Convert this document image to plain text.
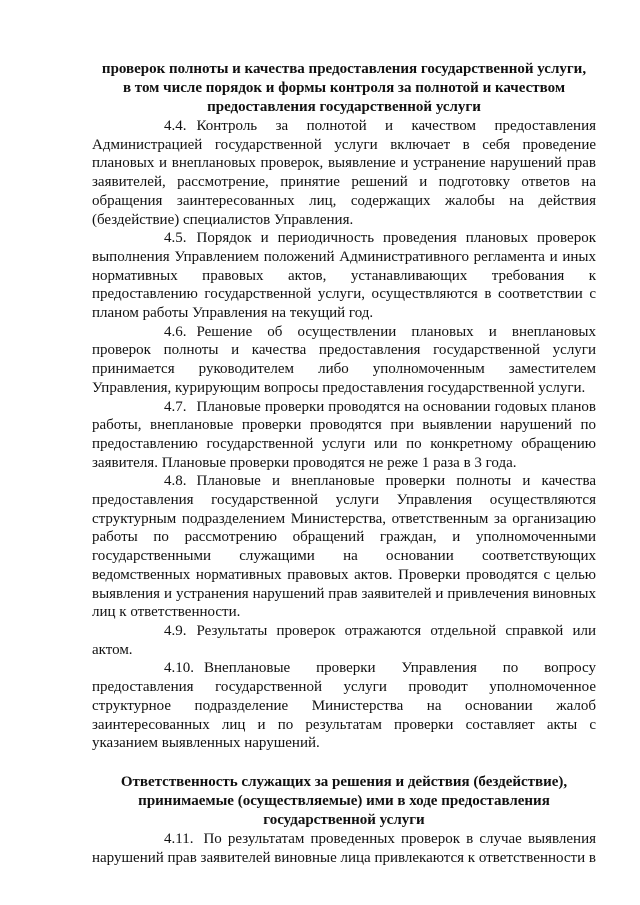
проверок полноты и качества предоставления государственной услуги,
в том числе порядок и формы контроля за полнотой и качеством
предоставления государственной услуги

4.4. Контроль за полнотой и качеством предоставления Администрацией государственной услуги включает в себя проведение плановых и внеплановых проверок, выявление и устранение нарушений прав заявителей, рассмотрение, принятие решений и подготовку ответов на обращения заинтересованных лиц, содержащих жалобы на действия (бездействие) специалистов Управления.

4.5. Порядок и периодичность проведения плановых проверок выполнения Управлением положений Административного регламента и иных нормативных правовых актов, устанавливающих требования к предоставлению государственной услуги, осуществляются в соответствии с планом работы Управления на текущий год.

4.6. Решение об осуществлении плановых и внеплановых проверок полноты и качества предоставления государственной услуги принимается руководителем либо уполномоченным заместителем Управления, курирующим вопросы предоставления государственной услуги.

4.7. Плановые проверки проводятся на основании годовых планов работы, внеплановые проверки проводятся при выявлении нарушений по предоставлению государственной услуги или по конкретному обращению заявителя. Плановые проверки проводятся не реже 1 раза в 3 года.

4.8. Плановые и внеплановые проверки полноты и качества предоставления государственной услуги Управления осуществляются структурным подразделением Министерства, ответственным за организацию работы по рассмотрению обращений граждан, и уполномоченными государственными служащими на основании соответствующих ведомственных нормативных правовых актов. Проверки проводятся с целью выявления и устранения нарушений прав заявителей и привлечения виновных лиц к ответственности.

4.9. Результаты проверок отражаются отдельной справкой или актом.

4.10. Внеплановые проверки Управления по вопросу предоставления государственной услуги проводит уполномоченное структурное подразделение Министерства на основании жалоб заинтересованных лиц и по результатам проверки составляет акты с указанием выявленных нарушений.

Ответственность служащих за решения и действия (бездействие),
принимаемые (осуществляемые) ими в ходе предоставления
государственной услуги

4.11. По результатам проведенных проверок в случае выявления нарушений прав заявителей виновные лица привлекаются к ответственности в
